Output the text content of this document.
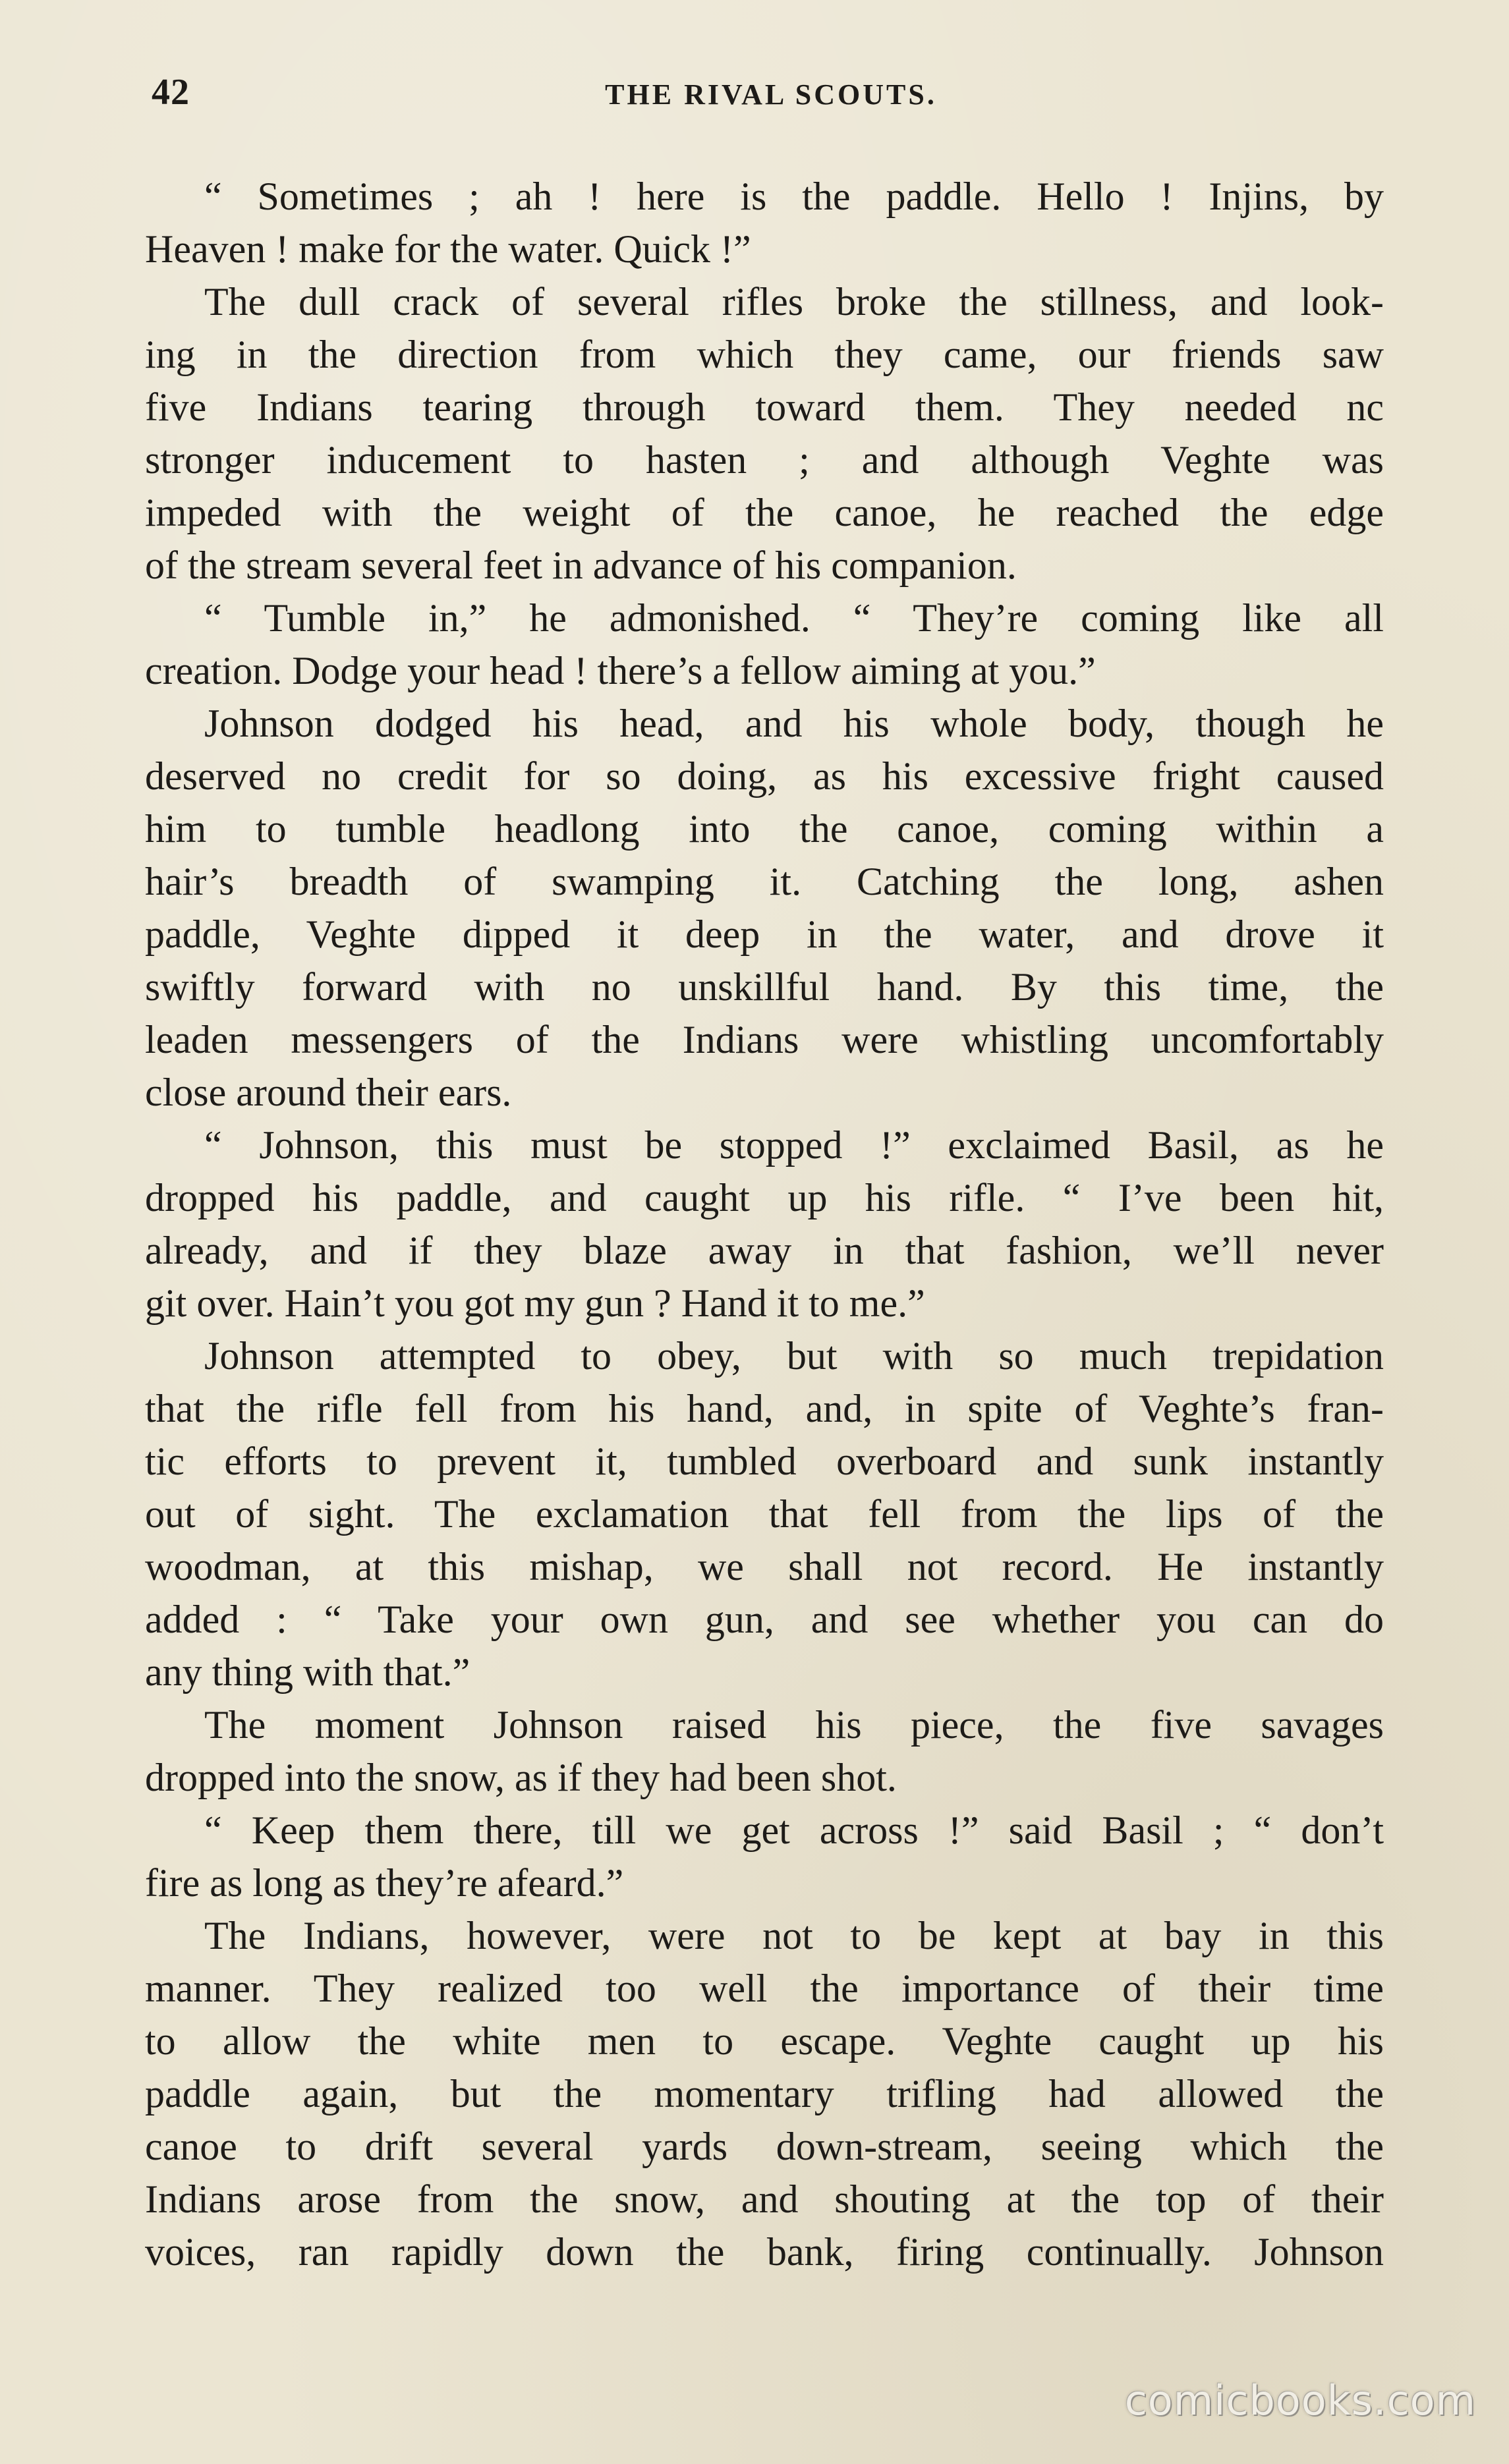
42	THE RIVAL SCOUTS.
“ Sometimes ; ah ! here is the paddle. Hello ! Injins, by
Heaven ! make for the water. Quick !”
The dull crack of several rifles broke the stillness, and look-
ing in the direction from which they came, our friends saw
five Indians tearing through toward them. They needed nc
stronger inducement to hasten ; and although Veghte was
impeded with the weight of the canoe, he reached the edge
of the stream several feet in advance of his companion.
“ Tumble in,” he admonished. “ They’re coming like all
creation. Dodge your head ! there’s a fellow aiming at you.”
Johnson dodged his head, and his whole body, though he
deserved no credit for so doing, as his excessive fright caused
him to tumble headlong into the canoe, coming within a
hair’s breadth of swamping it. Catching the long, ashen
paddle, Veghte dipped it deep in the water, and drove it
swiftly forward with no unskillful hand. By this time, the
leaden messengers of the Indians were whistling uncomfortably
close around their ears.
“ Johnson, this must be stopped !” exclaimed Basil, as he
dropped his paddle, and caught up his rifle. “ I’ve been hit,
already, and if they blaze away in that fashion, we’ll never
git over. Hain’t you got my gun ? Hand it to me.”
Johnson attempted to obey, but with so much trepidation
that the rifle fell from his hand, and, in spite of Veghte’s fran-
tic efforts to prevent it, tumbled overboard and sunk instantly
out of sight. The exclamation that fell from the lips of the
woodman, at this mishap, we shall not record. He instantly
added : “ Take your own gun, and see whether you can do
any thing with that.”
The moment Johnson raised his piece, the five savages
dropped into the snow, as if they had been shot.
“ Keep them there, till we get across !” said Basil ; “ don’t
fire as long as they’re afeard.”
The Indians, however, were not to be kept at bay in this
manner. They realized too well the importance of their time
to allow the white men to escape. Veghte caught up his
paddle again, but the momentary trifling had allowed the
canoe to drift several yards down-stream, seeing which the
Indians arose from the snow, and shouting at the top of their
voices, ran rapidly down the bank, firing continually. Johnson
comicbooks.com
